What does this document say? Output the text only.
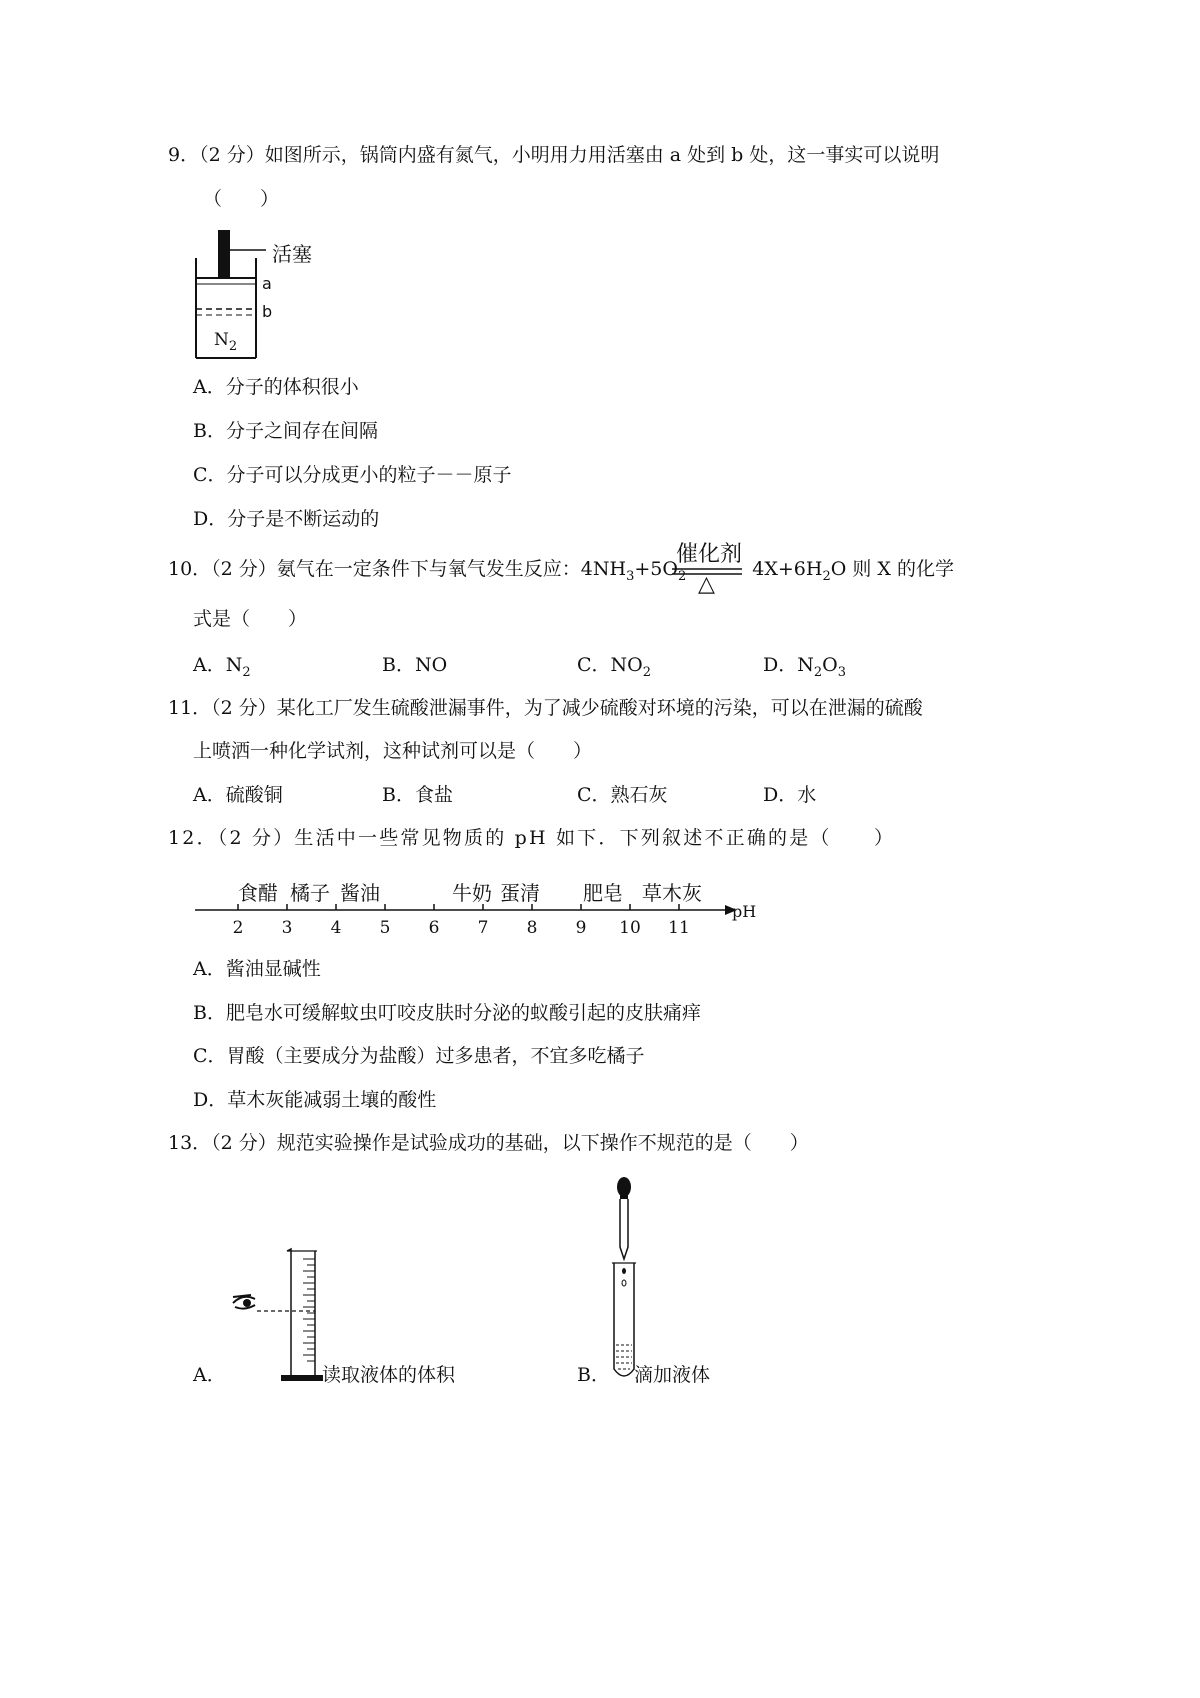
9．（2 分）如图所示，锅筒内盛有氮气，小明用力用活塞由 a 处到 b 处，这一事实可以说明
（　　）
活塞
a
b
$N_2$
A．分子的体积很小
B．分子之间存在间隔
C．分子可以分成更小的粒子－－原子
D．分子是不断运动的
10．（2 分）氨气在一定条件下与氧气发生反应：$4NH_3+5O_2$	$4X+6H_2O$ 则 X 的化学
催化剂
△
式是（　　）
A．$N_2$	B．NO	C．$NO_2$	D．$N_2O_3$
11．（2 分）某化工厂发生硫酸泄漏事件，为了减少硫酸对环境的污染，可以在泄漏的硫酸
上喷洒一种化学试剂，这种试剂可以是（　　）
A．硫酸铜	B．食盐	C．熟石灰	D．水
12．（2 分）生活中一些常见物质的 pH 如下．下列叙述不正确的是（　　）
2 3 4 5 6 7 8 9 10 11
食醋 橘子 酱油	牛奶 蛋清 肥皂 草木灰
pH
A．酱油显碱性
B．肥皂水可缓解蚊虫叮咬皮肤时分泌的蚁酸引起的皮肤痛痒
C．胃酸（主要成分为盐酸）过多患者，不宜多吃橘子
D．草木灰能减弱土壤的酸性
13．（2 分）规范实验操作是试验成功的基础，以下操作不规范的是（　　）
A．	读取液体的体积	B． 滴加液体
